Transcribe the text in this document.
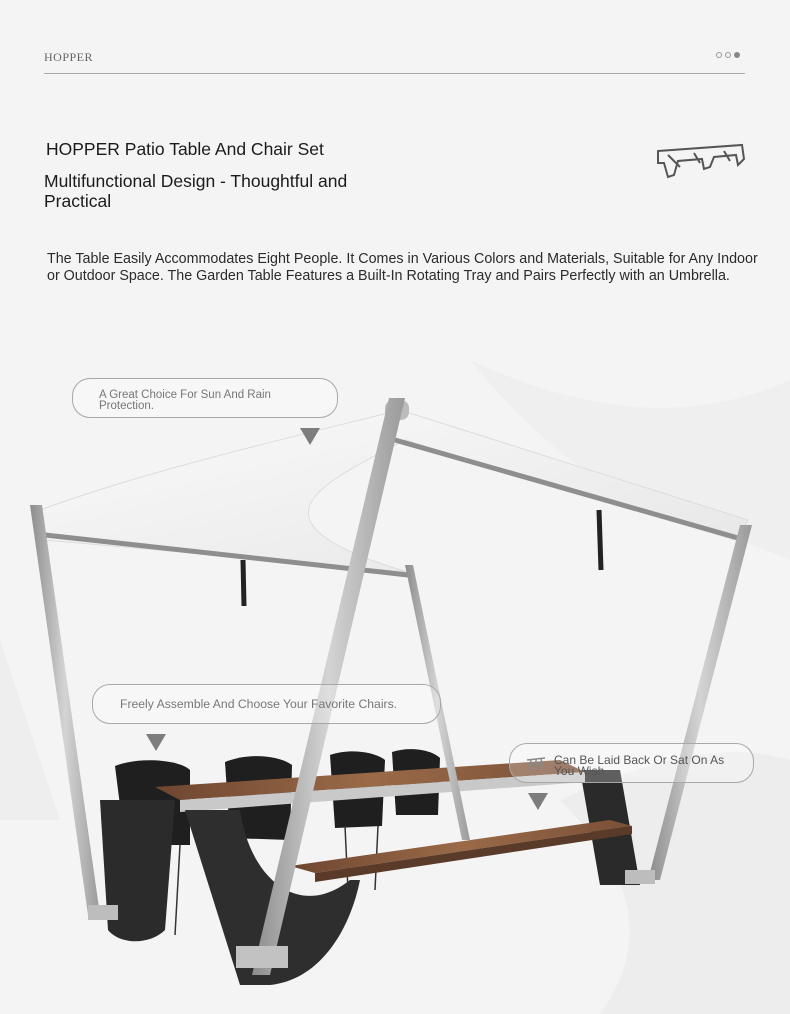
HOPPER
HOPPER Patio Table And Chair Set
Multifunctional Design - Thoughtful and Practical
The Table Easily Accommodates Eight People. It Comes in Various Colors and Materials, Suitable for Any Indoor or Outdoor Space. The Garden Table Features a Built-In Rotating Tray and Pairs Perfectly with an Umbrella.
A Great Choice For Sun And Rain Protection.
Freely Assemble And Choose Your Favorite Chairs.
Can Be Laid Back Or Sat On As You Wish
